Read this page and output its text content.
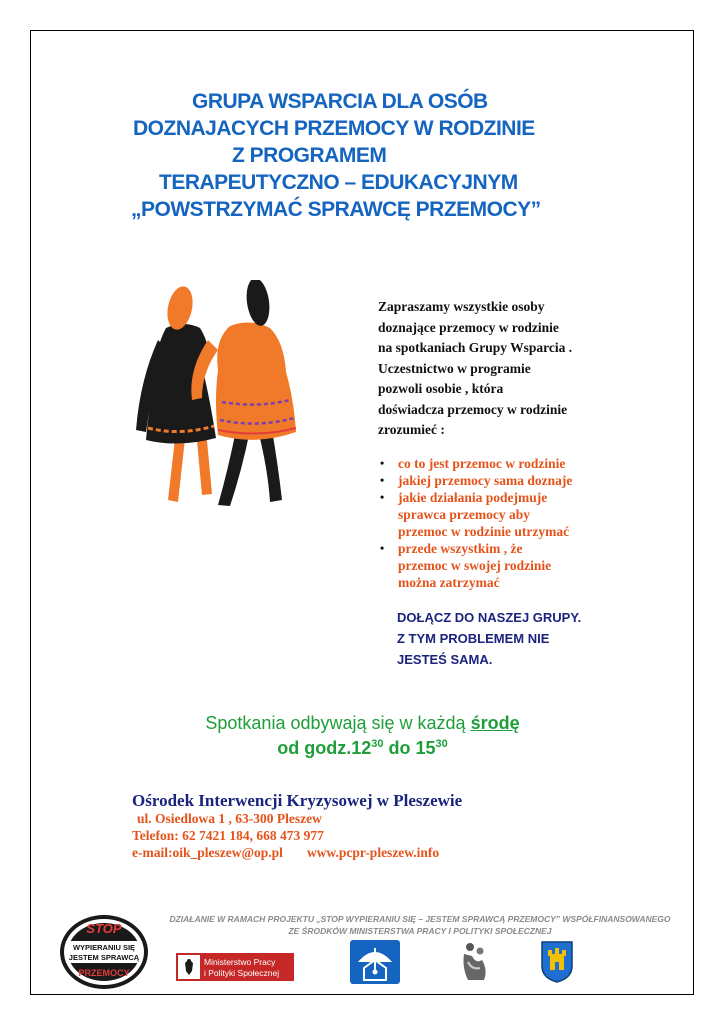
GRUPA WSPARCIA DLA OSÓB
DOZNAJACYCH PRZEMOCY W RODZINIE
Z PROGRAMEM
TERAPEUTYCZNO – EDUKACYJNYM
„POWSTRZYMAĆ SPRAWCĘ PRZEMOCY”
Zapraszamy wszystkie osoby
doznające przemocy w rodzinie
na spotkaniach Grupy Wsparcia .
Uczestnictwo w programie
pozwoli osobie , która
doświadcza przemocy w rodzinie
zrozumieć :
• co to jest przemoc w rodzinie
• jakiej przemocy sama doznaje
• jakie działania podejmuje
sprawca przemocy aby
przemoc w rodzinie utrzymać
• przede wszystkim , że
przemoc w swojej rodzinie
można zatrzymać
DOŁĄCZ DO NASZEJ GRUPY.
Z TYM PROBLEMEM NIE
JESTEŚ SAMA.
Spotkania odbywają się w każdą środę
od $godz.12^{30}$ do $15^{30}$
Ośrodek Interwencji Kryzysowej w Pleszewie
ul. Osiedlowa 1 , 63-300 Pleszew
Telefon: 62 7421 184, 668 473 977
e-mail:oik_pleszew@op.pl www.pcpr-pleszew.info
DZIAŁANIE W RAMACH PROJEKTU „STOP WYPIERANIU SIĘ – JESTEM SPRAWCĄ PRZEMOCY” WSPÓŁFINANSOWANEGO
ZE ŚRODKÓW MINISTERSTWA PRACY I POLITYKI SPOŁECZNEJ
STOP
WYPIERANIU SIĘ
JESTEM SPRAWCĄ
PRZEMOCY
Ministerstwo Pracy
i Polityki Społecznej
